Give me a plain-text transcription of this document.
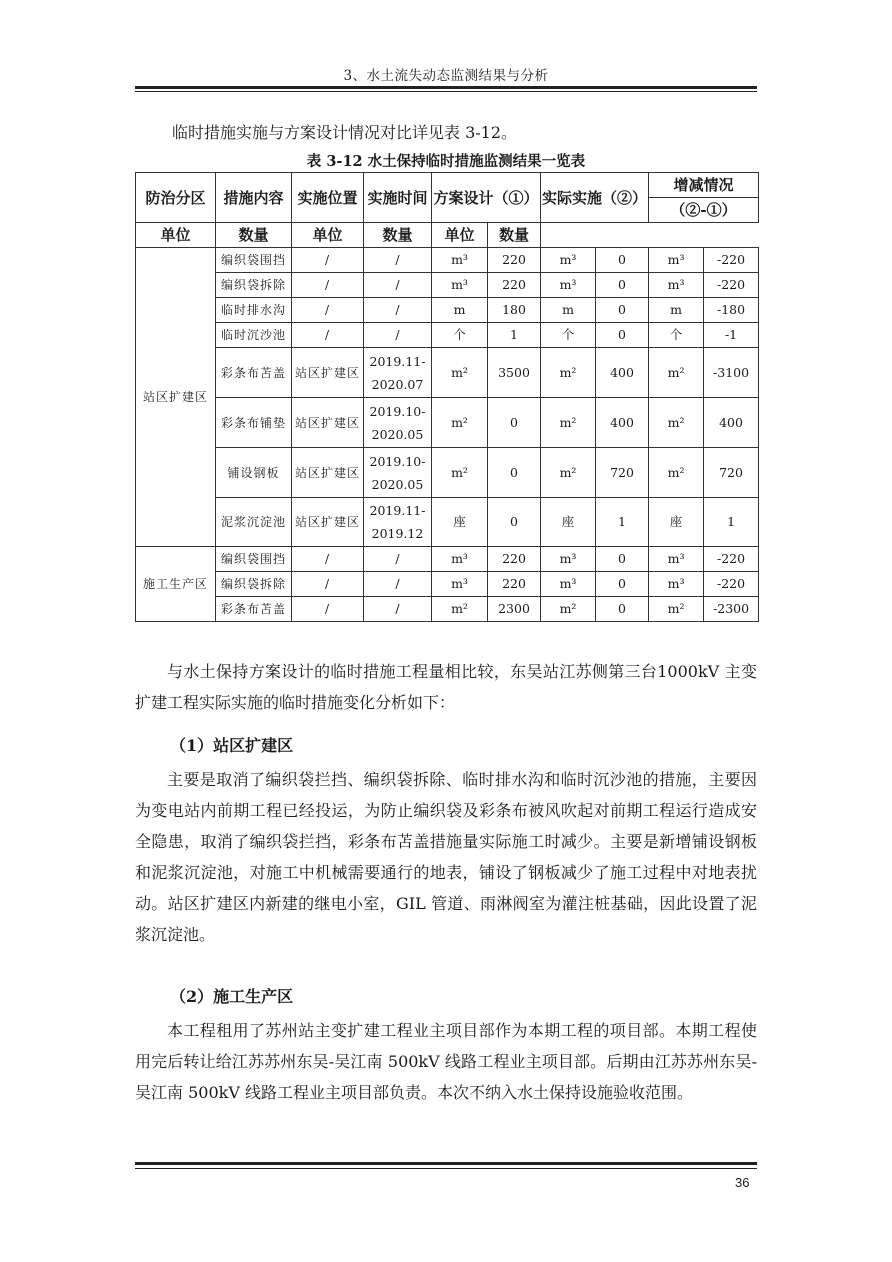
3、水土流失动态监测结果与分析
临时措施实施与方案设计情况对比详见表 3-12。
表 3-12 水土保持临时措施监测结果一览表
防治分区	措施内容	实施位置	实施时间	方案设计（①）		实际实施（②）		增减情况	
								（②-①）	
单位	数量	单位	数量	单位	数量				
站区扩建区	编织袋围挡	/	/	m³	220	m³	0	m³	-220
	编织袋拆除	/	/	m³	220	m³	0	m³	-220
	临时排水沟	/	/	m	180	m	0	m	-180
	临时沉沙池	/	/	个	1	个	0	个	-1
	彩条布苫盖	站区扩建区	2019.11-
2020.07	m²	3500	m²	400	m²	-3100
	彩条布铺垫	站区扩建区	2019.10-
2020.05	m²	0	m²	400	m²	400
	铺设钢板	站区扩建区	2019.10-
2020.05	m²	0	m²	720	m²	720
	泥浆沉淀池	站区扩建区	2019.11-
2019.12	座	0	座	1	座	1
施工生产区	编织袋围挡	/	/	m³	220	m³	0	m³	-220
	编织袋拆除	/	/	m³	220	m³	0	m³	-220
	彩条布苫盖	/	/	m²	2300	m²	0	m²	-2300

与水土保持方案设计的临时措施工程量相比较，东吴站江苏侧第三台1000kV 主变扩建工程实际实施的临时措施变化分析如下：

（1）站区扩建区

主要是取消了编织袋拦挡、编织袋拆除、临时排水沟和临时沉沙池的措施，主要因为变电站内前期工程已经投运，为防止编织袋及彩条布被风吹起对前期工程运行造成安全隐患，取消了编织袋拦挡，彩条布苫盖措施量实际施工时减少。主要是新增铺设钢板和泥浆沉淀池，对施工中机械需要通行的地表，铺设了钢板减少了施工过程中对地表扰动。站区扩建区内新建的继电小室，GIL 管道、雨淋阀室为灌注桩基础，因此设置了泥浆沉淀池。

（2）施工生产区

本工程租用了苏州站主变扩建工程业主项目部作为本期工程的项目部。本期工程使用完后转让给江苏苏州东吴-吴江南 500kV 线路工程业主项目部。后期由江苏苏州东吴-吴江南 500kV 线路工程业主项目部负责。本次不纳入水土保持设施验收范围。

36
